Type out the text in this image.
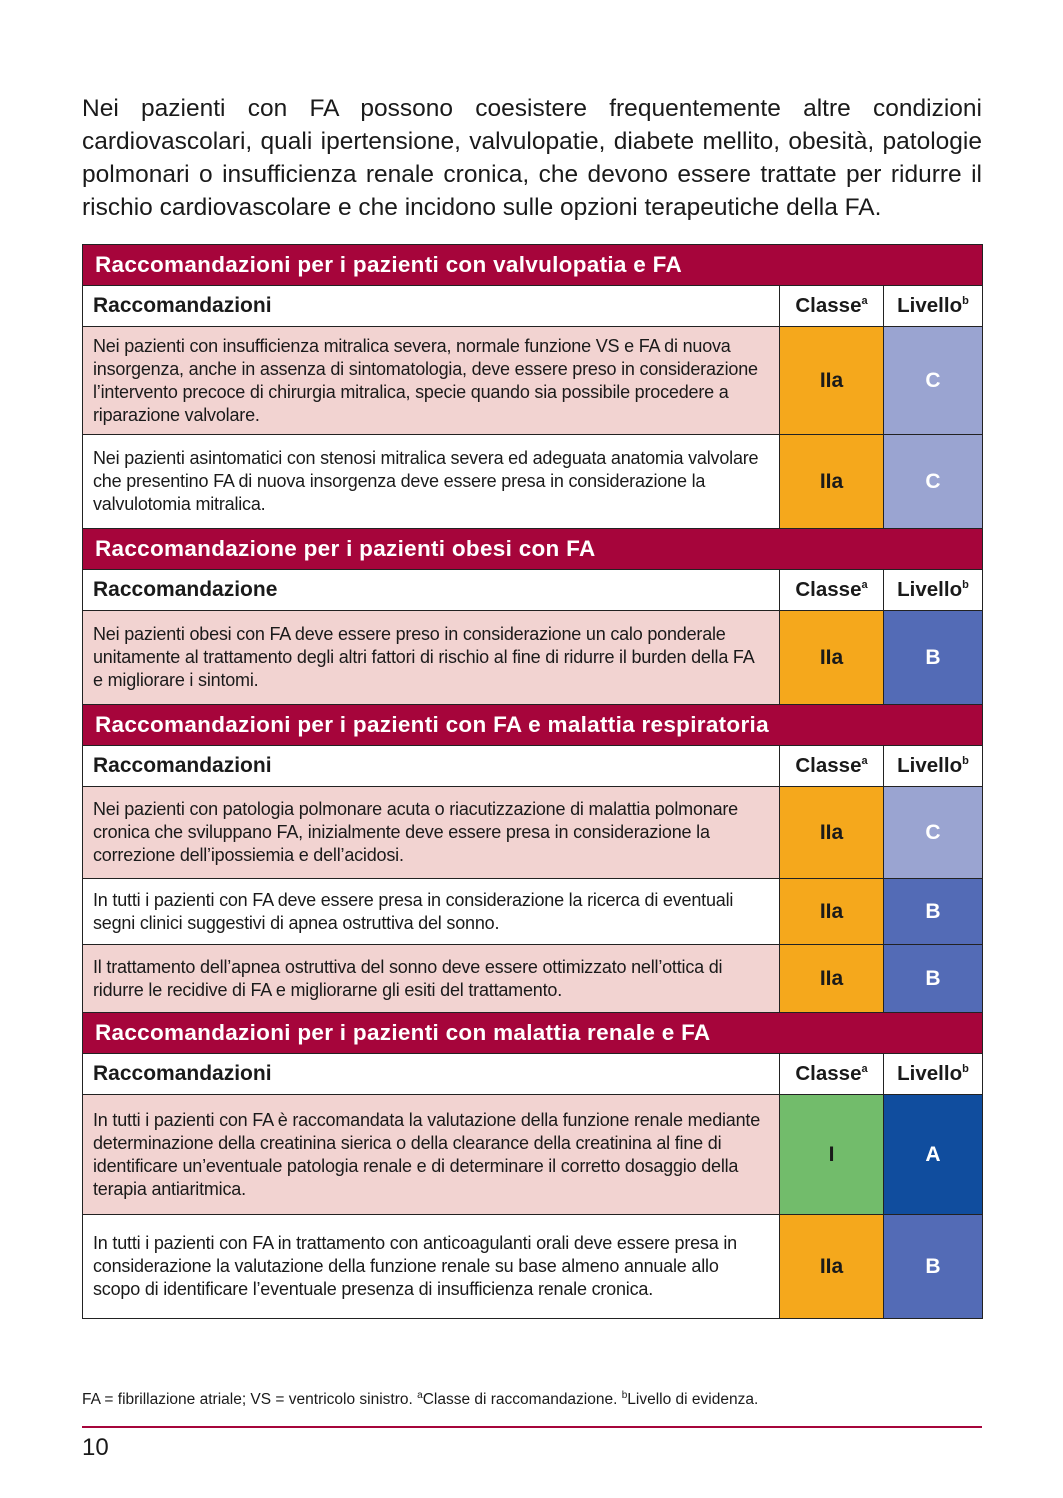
Nei pazienti con FA possono coesistere frequentemente altre condizioni cardiovascolari, quali ipertensione, valvulopatie, diabete mellito, obesità, patologie polmonari o insufficienza renale cronica, che devono essere trattate per ridurre il rischio cardiovascolare e che incidono sulle opzioni terapeutiche della FA.

Raccomandazioni per i pazienti con valvulopatia e FA		
Raccomandazioni	Classe$^a$	Livello$^b$
Nei pazienti con insufficienza mitralica severa, normale funzione VS e FA di nuova insorgenza, anche in assenza di sintomatologia, deve essere preso in considerazione l’intervento precoce di chirurgia mitralica, specie quando sia possibile procedere a riparazione valvolare.	IIa	C
Nei pazienti asintomatici con stenosi mitralica severa ed adeguata anatomia valvolare che presentino FA di nuova insorgenza deve essere presa in considerazione la valvulotomia mitralica.	IIa	C
Raccomandazione per i pazienti obesi con FA		
Raccomandazione	Classe$^a$	Livello$^b$
Nei pazienti obesi con FA deve essere preso in considerazione un calo ponderale unitamente al trattamento degli altri fattori di rischio al fine di ridurre il burden della FA e migliorare i sintomi.	IIa	B
Raccomandazioni per i pazienti con FA e malattia respiratoria		
Raccomandazioni	Classe$^a$	Livello$^b$
Nei pazienti con patologia polmonare acuta o riacutizzazione di malattia polmonare cronica che sviluppano FA, inizialmente deve essere presa in considerazione la correzione dell’ipossiemia e dell’acidosi.	IIa	C
In tutti i pazienti con FA deve essere presa in considerazione la ricerca di eventuali segni clinici suggestivi di apnea ostruttiva del sonno.	IIa	B
Il trattamento dell’apnea ostruttiva del sonno deve essere ottimizzato nell’ottica di ridurre le recidive di FA e migliorarne gli esiti del trattamento.	IIa	B
Raccomandazioni per i pazienti con malattia renale e FA		
Raccomandazioni	Classe$^a$	Livello$^b$
In tutti i pazienti con FA è raccomandata la valutazione della funzione renale mediante determinazione della creatinina sierica o della clearance della creatinina al fine di identificare un’eventuale patologia renale e di determinare il corretto dosaggio della terapia antiaritmica.	I	A
In tutti i pazienti con FA in trattamento con anticoagulanti orali deve essere presa in considerazione la valutazione della funzione renale su base almeno annuale allo scopo di identificare l’eventuale presenza di insufficienza renale cronica.	IIa	B

FA = fibrillazione atriale; VS = ventricolo sinistro. $^a$Classe di raccomandazione. $^b$Livello di evidenza.

10
